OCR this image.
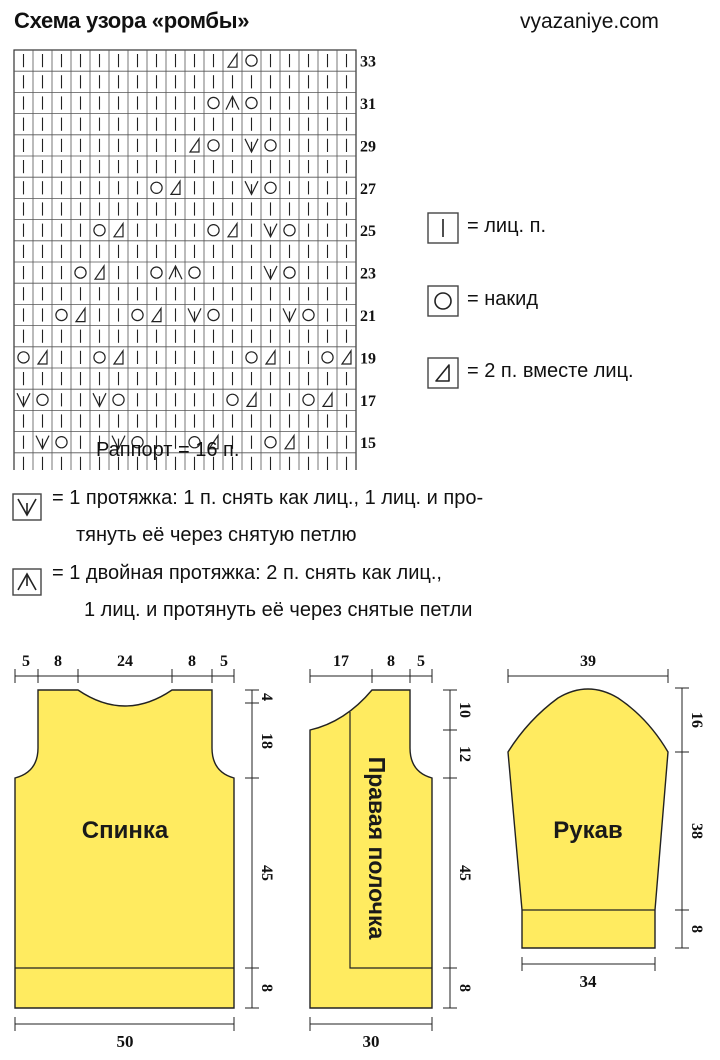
Схема узора «ромбы»	vyazaniye.com
33
31
29
27
25
23
21
19
17
15
Раппорт = 16 п.
= лиц. п.
= накид
= 2 п. вместе лиц.
= 1 протяжка: 1 п. снять как лиц., 1 лиц. и про-
тянуть её через снятую петлю
= 1 двойная протяжка: 2 п. снять как лиц.,
1 лиц. и протянуть её через снятые петли
Спинка
5 8	24	8 5
4
18
45
8
50
Правая полочка
17 8 5
10
12
45
8
30
Рукав
39
16
38
8
34
